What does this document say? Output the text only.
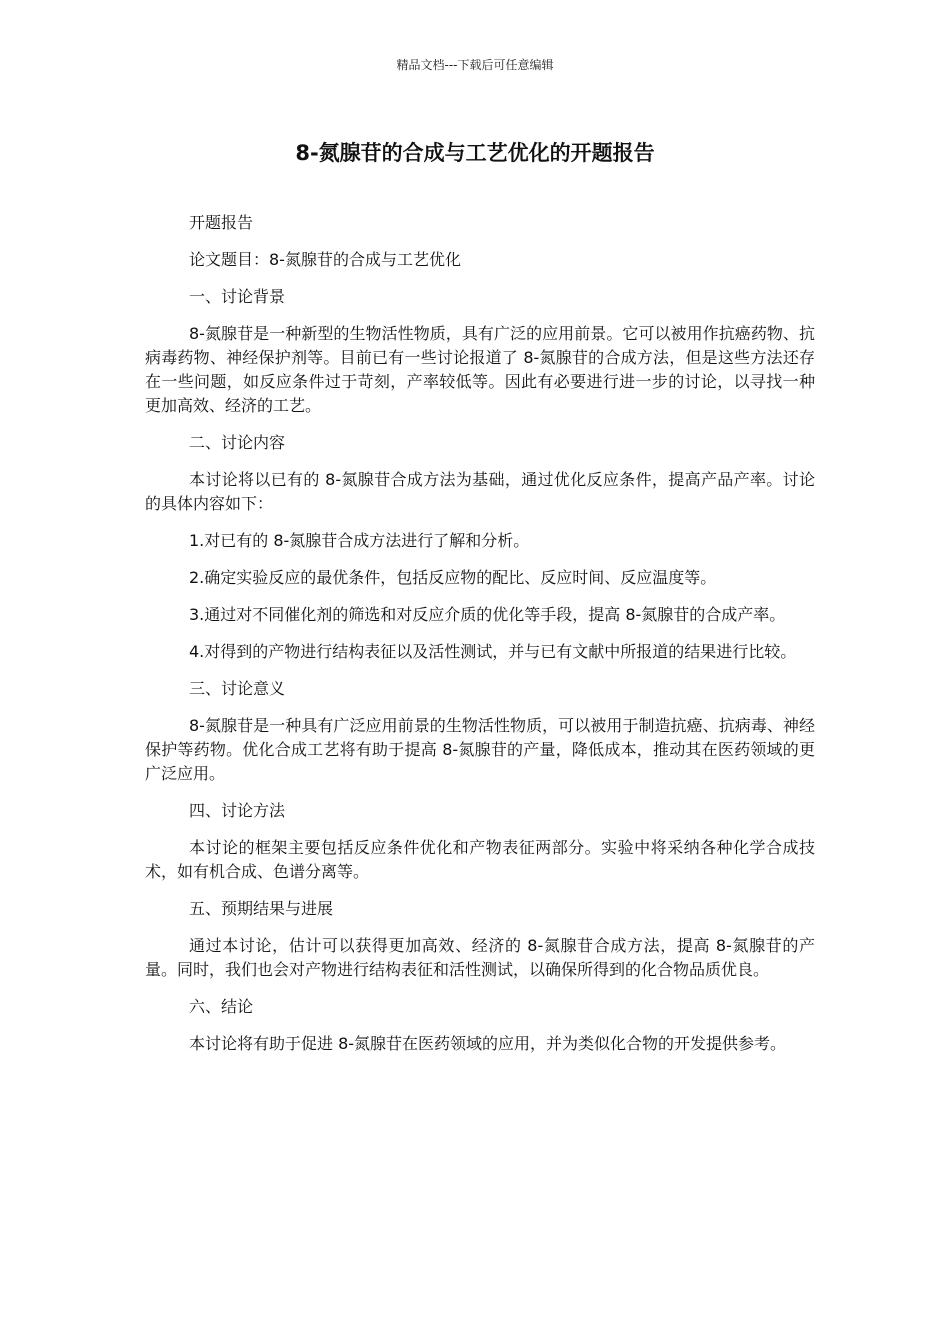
精品文档---下载后可任意编辑
8-氮腺苷的合成与工艺优化的开题报告

开题报告

论文题目：8-氮腺苷的合成与工艺优化

一、讨论背景

8-氮腺苷是一种新型的生物活性物质，具有广泛的应用前景。它可以被用作抗癌药物、抗病毒药物、神经保护剂等。目前已有一些讨论报道了 8-氮腺苷的合成方法，但是这些方法还存在一些问题，如反应条件过于苛刻，产率较低等。因此有必要进行进一步的讨论，以寻找一种更加高效、经济的工艺。

二、讨论内容

本讨论将以已有的 8-氮腺苷合成方法为基础，通过优化反应条件，提高产品产率。讨论的具体内容如下：

1.对已有的 8-氮腺苷合成方法进行了解和分析。

2.确定实验反应的最优条件，包括反应物的配比、反应时间、反应温度等。

3.通过对不同催化剂的筛选和对反应介质的优化等手段，提高 8-氮腺苷的合成产率。

4.对得到的产物进行结构表征以及活性测试，并与已有文献中所报道的结果进行比较。

三、讨论意义

8-氮腺苷是一种具有广泛应用前景的生物活性物质，可以被用于制造抗癌、抗病毒、神经保护等药物。优化合成工艺将有助于提高 8-氮腺苷的产量，降低成本，推动其在医药领域的更广泛应用。

四、讨论方法

本讨论的框架主要包括反应条件优化和产物表征两部分。实验中将采纳各种化学合成技术，如有机合成、色谱分离等。

五、预期结果与进展

通过本讨论，估计可以获得更加高效、经济的 8-氮腺苷合成方法，提高 8-氮腺苷的产量。同时，我们也会对产物进行结构表征和活性测试，以确保所得到的化合物品质优良。

六、结论

本讨论将有助于促进 8-氮腺苷在医药领域的应用，并为类似化合物的开发提供参考。
